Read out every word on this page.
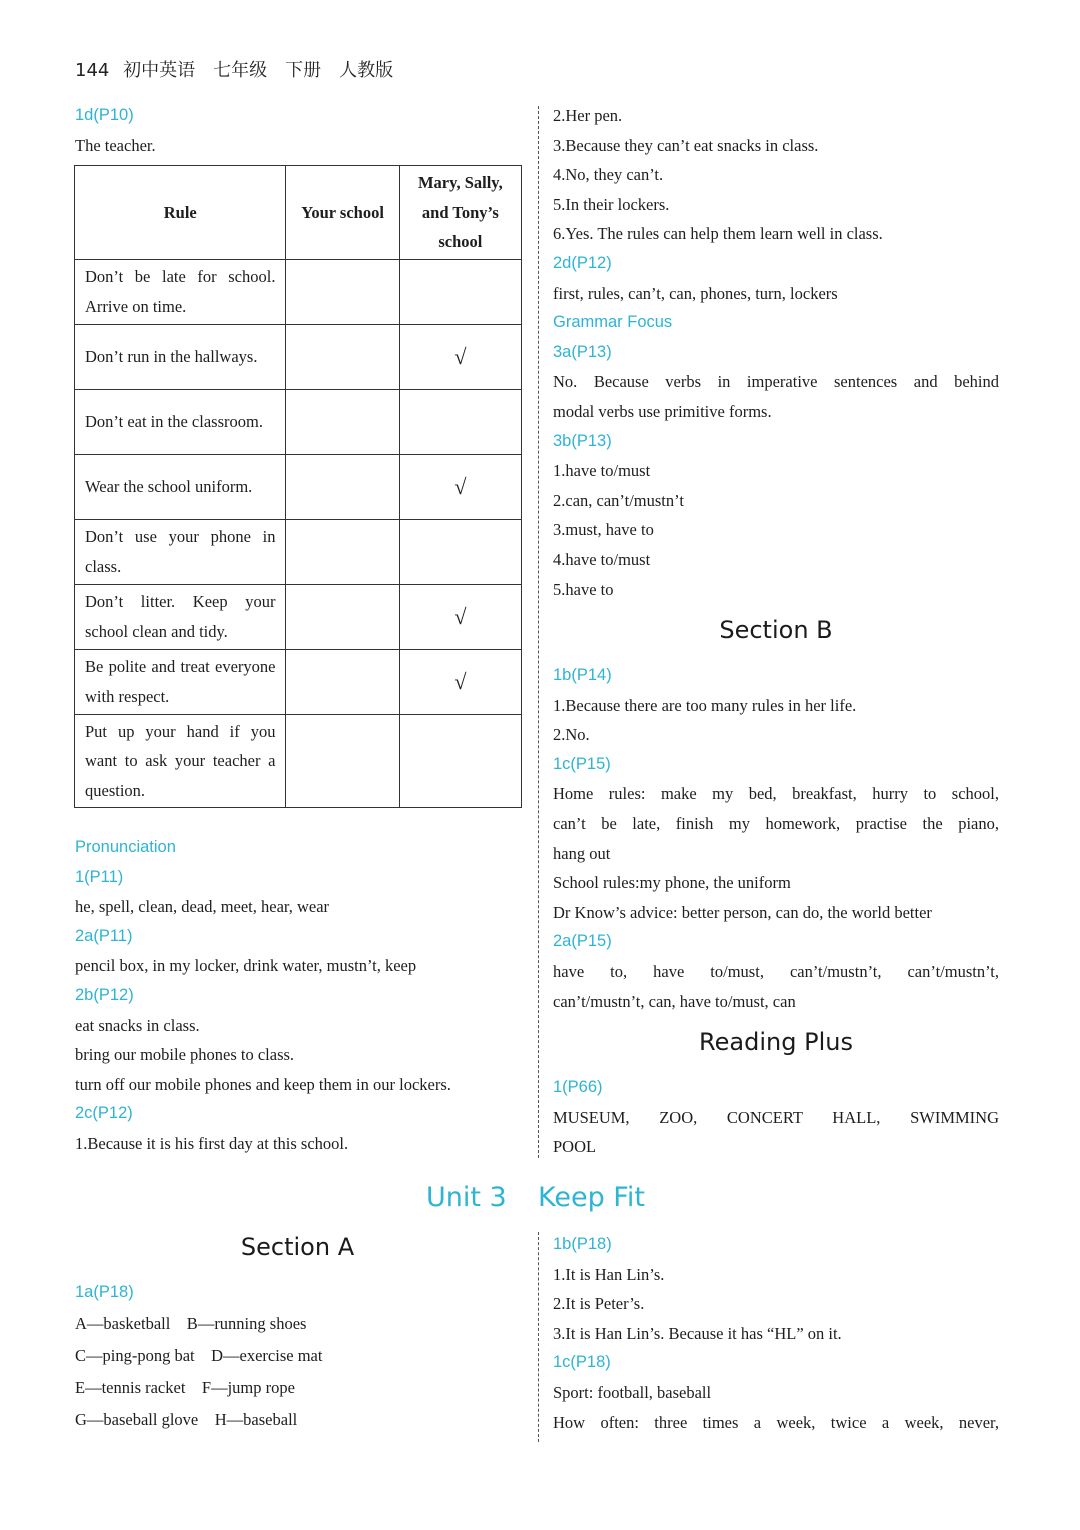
144 初中英语　七年级　下册　人教版
1d(P10)
The teacher.
Rule	Your school	Mary, Sally, and Tony’s school
Don’t be late for school. Arrive on time.		
Don’t run in the hallways.		√
Don’t eat in the classroom.		
Wear the school uniform.		√
Don’t use your phone in class.		
Don’t litter. Keep your school clean and tidy.		√
Be polite and treat everyone with respect.		√
Put up your hand if you want to ask your teacher a question.		
Pronunciation
1(P11)
he, spell, clean, dead, meet, hear, wear
2a(P11)
pencil box, in my locker, drink water, mustn’t, keep
2b(P12)
eat snacks in class.
bring our mobile phones to class.
turn off our mobile phones and keep them in our lockers.
2c(P12)
1.Because it is his first day at this school.
2.Her pen.
3.Because they can’t eat snacks in class.
4.No, they can’t.
5.In their lockers.
6.Yes. The rules can help them learn well in class.
2d(P12)
first, rules, can’t, can, phones, turn, lockers
Grammar Focus
3a(P13)
No. Because verbs in imperative sentences and behind
modal verbs use primitive forms.
3b(P13)
1.have to/must
2.can, can’t/mustn’t
3.must, have to
4.have to/must
5.have to
Section B
1b(P14)
1.Because there are too many rules in her life.
2.No.
1c(P15)
Home rules: make my bed, breakfast, hurry to school,
can’t be late, finish my homework, practise the piano,
hang out
School rules:my phone, the uniform
Dr Know’s advice: better person, can do, the world better
2a(P15)
have to, have to/must, can’t/mustn’t, can’t/mustn’t,
can’t/mustn’t, can, have to/must, can
Reading Plus
1(P66)
MUSEUM, ZOO, CONCERT HALL, SWIMMING
POOL
Unit 3 Keep Fit
Section A
1a(P18)
A—basketball　B—running shoes
C—ping-pong bat　D—exercise mat
E—tennis racket　F—jump rope
G—baseball glove　H—baseball
1b(P18)
1.It is Han Lin’s.
2.It is Peter’s.
3.It is Han Lin’s. Because it has “HL” on it.
1c(P18)
Sport: football, baseball
How often: three times a week, twice a week, never,
